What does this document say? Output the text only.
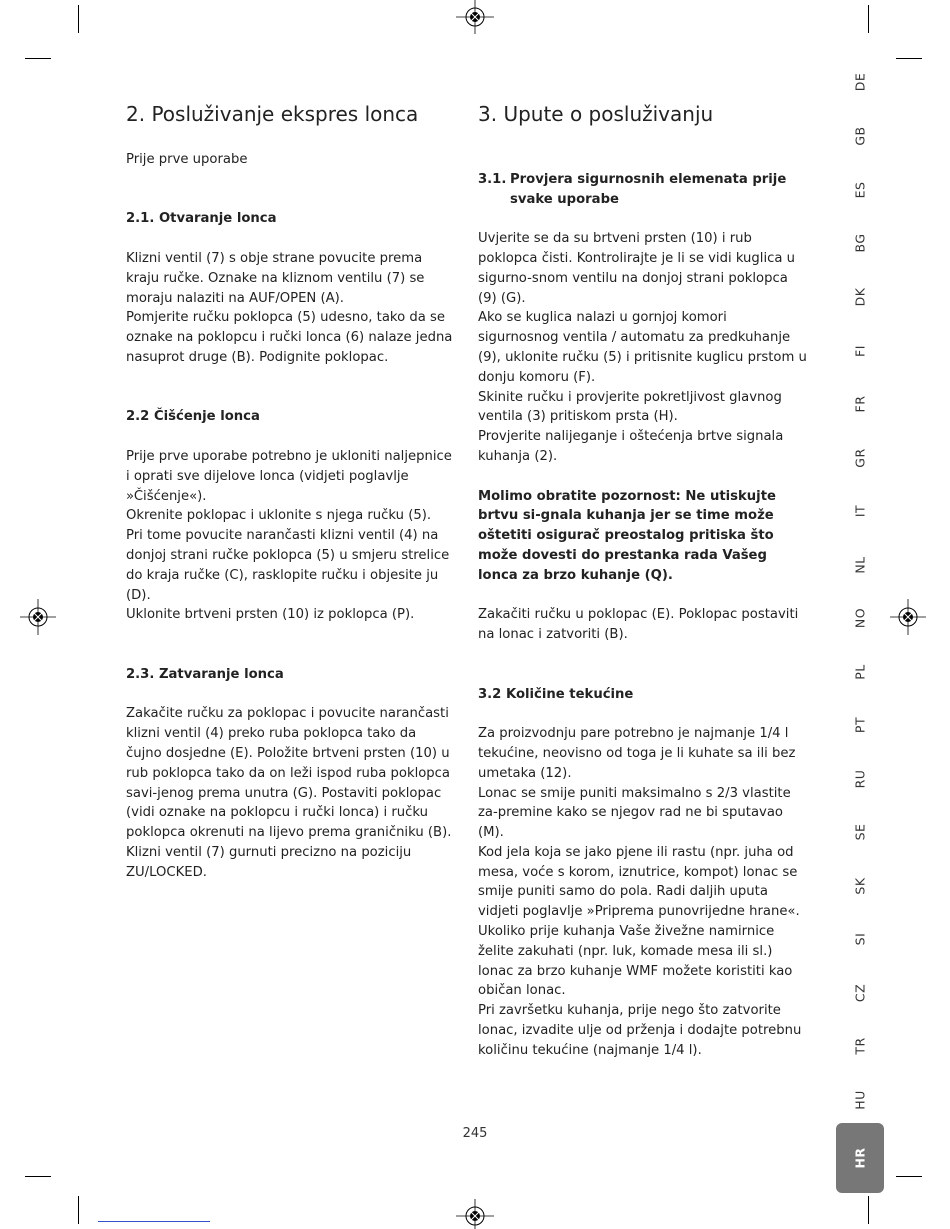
2. Posluživanje ekspres lonca

Prije prve uporabe

2.1. Otvaranje lonca

Klizni ventil (7) s obje strane povucite prema kraju ručke. Oznake na kliznom ventilu (7) se moraju nalaziti na AUF/OPEN (A).

Pomjerite ručku poklopca (5) udesno, tako da se oznake na poklopcu i ručki lonca (6) nalaze jedna nasuprot druge (B). Podignite poklopac.

2.2 Čišćenje lonca

Prije prve uporabe potrebno je ukloniti naljepnice i oprati sve dijelove lonca (vidjeti poglavlje »Čišćenje«).

Okrenite poklopac i uklonite s njega ručku (5).

Pri tome povucite narančasti klizni ventil (4) na donjoj strani ručke poklopca (5) u smjeru strelice do kraja ručke (C), rasklopite ručku i objesite ju (D).

Uklonite brtveni prsten (10) iz poklopca (P).

2.3. Zatvaranje lonca

Zakačite ručku za poklopac i povucite narančasti klizni ventil (4) preko ruba poklopca tako da čujno dosjedne (E). Položite brtveni prsten (10) u rub poklopca tako da on leži ispod ruba poklopca savi-jenog prema unutra (G). Postaviti poklopac (vidi oznake na poklopcu i ručki lonca) i ručku poklopca okrenuti na lijevo prema graničniku (B).

Klizni ventil (7) gurnuti precizno na poziciju ZU/LOCKED.

3. Upute o posluživanju

3.1. Provjera sigurnosnih elemenata prije svake uporabe

Uvjerite se da su brtveni prsten (10) i rub poklopca čisti. Kontrolirajte je li se vidi kuglica u sigurno-snom ventilu na donjoj strani poklopca (9) (G).

Ako se kuglica nalazi u gornjoj komori sigurnosnog ventila / automatu za predkuhanje (9), uklonite ručku (5) i pritisnite kuglicu prstom u donju komoru (F).

Skinite ručku i provjerite pokretljivost glavnog ventila (3) pritiskom prsta (H).

Provjerite nalijeganje i oštećenja brtve signala kuhanja (2).

Molimo obratite pozornost: Ne utiskujte brtvu si-gnala kuhanja jer se time može oštetiti osigurač preostalog pritiska što može dovesti do prestanka rada Vašeg lonca za brzo kuhanje (Q).

Zakačiti ručku u poklopac (E). Poklopac postaviti na lonac i zatvoriti (B).

3.2 Količine tekućine

Za proizvodnju pare potrebno je najmanje 1/4 l tekućine, neovisno od toga je li kuhate sa ili bez umetaka (12).

Lonac se smije puniti maksimalno s 2/3 vlastite za-premine kako se njegov rad ne bi sputavao (M).

Kod jela koja se jako pjene ili rastu (npr. juha od mesa, voće s korom, iznutrice, kompot) lonac se smije puniti samo do pola. Radi daljih uputa vidjeti poglavlje »Priprema punovrijedne hrane«.

Ukoliko prije kuhanja Vaše živežne namirnice želite zakuhati (npr. luk, komade mesa ili sl.) lonac za brzo kuhanje WMF možete koristiti kao običan lonac.

Pri završetku kuhanja, prije nego što zatvorite lonac, izvadite ulje od prženja i dodajte potrebnu količinu tekućine (najmanje 1/4 l).

DE
GB
ES
BG
DK
FI
FR
GR
IT
NL
NO
PL
PT
RU
SE
SK
SI
CZ
TR
HU
HR
245
